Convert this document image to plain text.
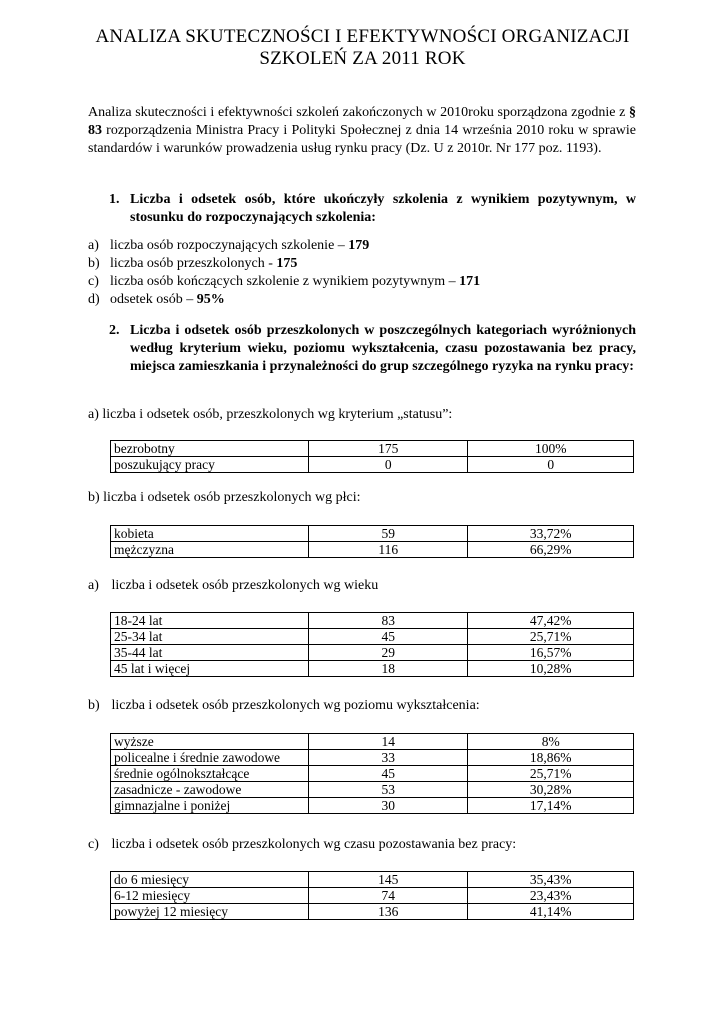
ANALIZA SKUTECZNOŚCI I EFEKTYWNOŚCI ORGANIZACJI
SZKOLEŃ ZA 2011 ROK
Analiza skuteczności i efektywności szkoleń zakończonych w 2010roku sporządzona zgodnie z § 83 rozporządzenia Ministra Pracy i Polityki Społecznej z dnia 14 września 2010 roku w sprawie standardów i warunków prowadzenia usług rynku pracy (Dz. U z 2010r. Nr 177 poz. 1193).
1. Liczba i odsetek osób, które ukończyły szkolenia z wynikiem pozytywnym, w stosunku do rozpoczynających szkolenia:
a) liczba osób rozpoczynających szkolenie – 179
b) liczba osób przeszkolonych - 175
c) liczba osób kończących szkolenie z wynikiem pozytywnym – 171
d) odsetek osób – 95%
2. Liczba i odsetek osób przeszkolonych w poszczególnych kategoriach wyróżnionych według kryterium wieku, poziomu wykształcenia, czasu pozostawania bez pracy, miejsca zamieszkania i przynależności do grup szczególnego ryzyka na rynku pracy:
a) liczba i odsetek osób, przeszkolonych wg kryterium „statusu”:
bezrobotny	175	100%
poszukujący pracy	0	0
b) liczba i odsetek osób przeszkolonych wg płci:
kobieta	59	33,72%
mężczyzna	116	66,29%
a) liczba i odsetek osób przeszkolonych wg wieku
18-24 lat	83	47,42%
25-34 lat	45	25,71%
35-44 lat	29	16,57%
45 lat i więcej	18	10,28%
b) liczba i odsetek osób przeszkolonych wg poziomu wykształcenia:
wyższe	14	8%
policealne i średnie zawodowe	33	18,86%
średnie ogólnokształcące	45	25,71%
zasadnicze - zawodowe	53	30,28%
gimnazjalne i poniżej	30	17,14%
c) liczba i odsetek osób przeszkolonych wg czasu pozostawania bez pracy:
do 6 miesięcy	145	35,43%
6-12 miesięcy	74	23,43%
powyżej 12 miesięcy	136	41,14%
